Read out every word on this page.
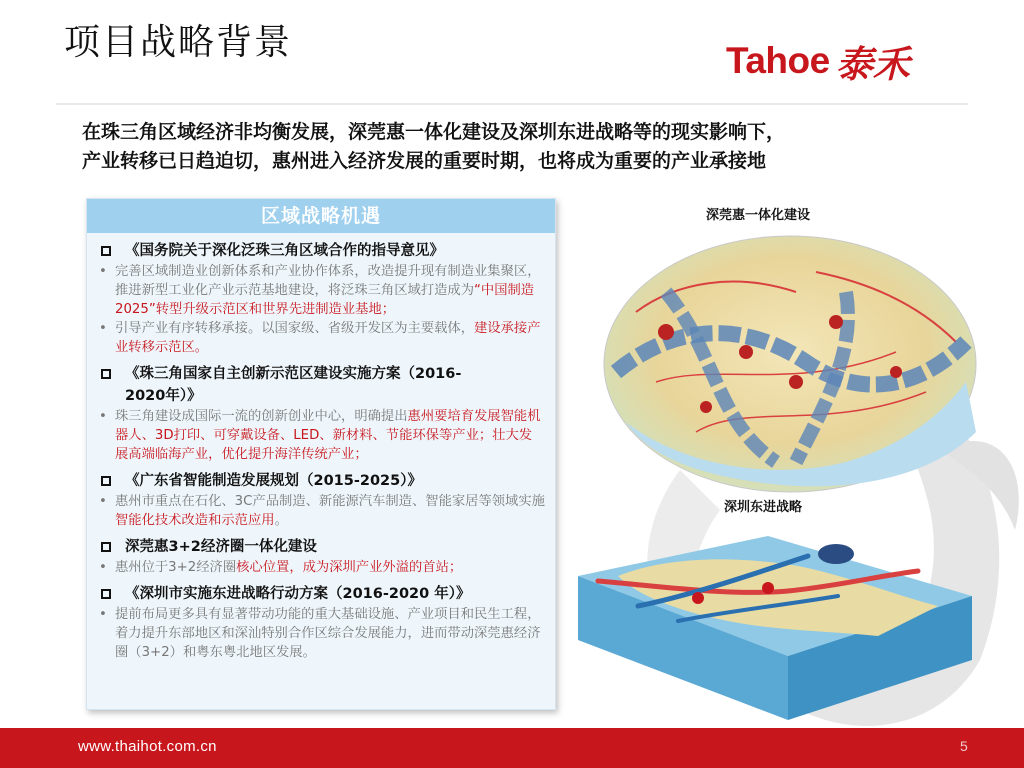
项目战略背景	Tahoe 泰禾
在珠三角区域经济非均衡发展，深莞惠一体化建设及深圳东进战略等的现实影响下，
产业转移已日趋迫切，惠州进入经济发展的重要时期，也将成为重要的产业承接地
区域战略机遇
《国务院关于深化泛珠三角区域合作的指导意见》
• 完善区域制造业创新体系和产业协作体系，改造提升现有制造业集聚区，推进新型工业化产业示范基地建设，将泛珠三角区域打造成为“中国制造2025”转型升级示范区和世界先进制造业基地；
• 引导产业有序转移承接。以国家级、省级开发区为主要载体，建设承接产业转移示范区。
《珠三角国家自主创新示范区建设实施方案（2016-
2020年）》
• 珠三角建设成国际一流的创新创业中心，明确提出惠州要培育发展智能机器人、3D打印、可穿戴设备、LED、新材料、节能环保等产业；壮大发展高端临海产业，优化提升海洋传统产业；
《广东省智能制造发展规划（2015-2025）》
• 惠州市重点在石化、3C产品制造、新能源汽车制造、智能家居等领域实施智能化技术改造和示范应用。
深莞惠3+2经济圈一体化建设
• 惠州位于3+2经济圈核心位置，成为深圳产业外溢的首站；
《深圳市实施东进战略行动方案（2016-2020 年）》
• 提前布局更多具有显著带动功能的重大基础设施、产业项目和民生工程，着力提升东部地区和深汕特别合作区综合发展能力，进而带动深莞惠经济圈（3+2）和粤东粤北地区发展。
深莞惠一体化建设
深圳东进战略
www.thaihot.com.cn	5
